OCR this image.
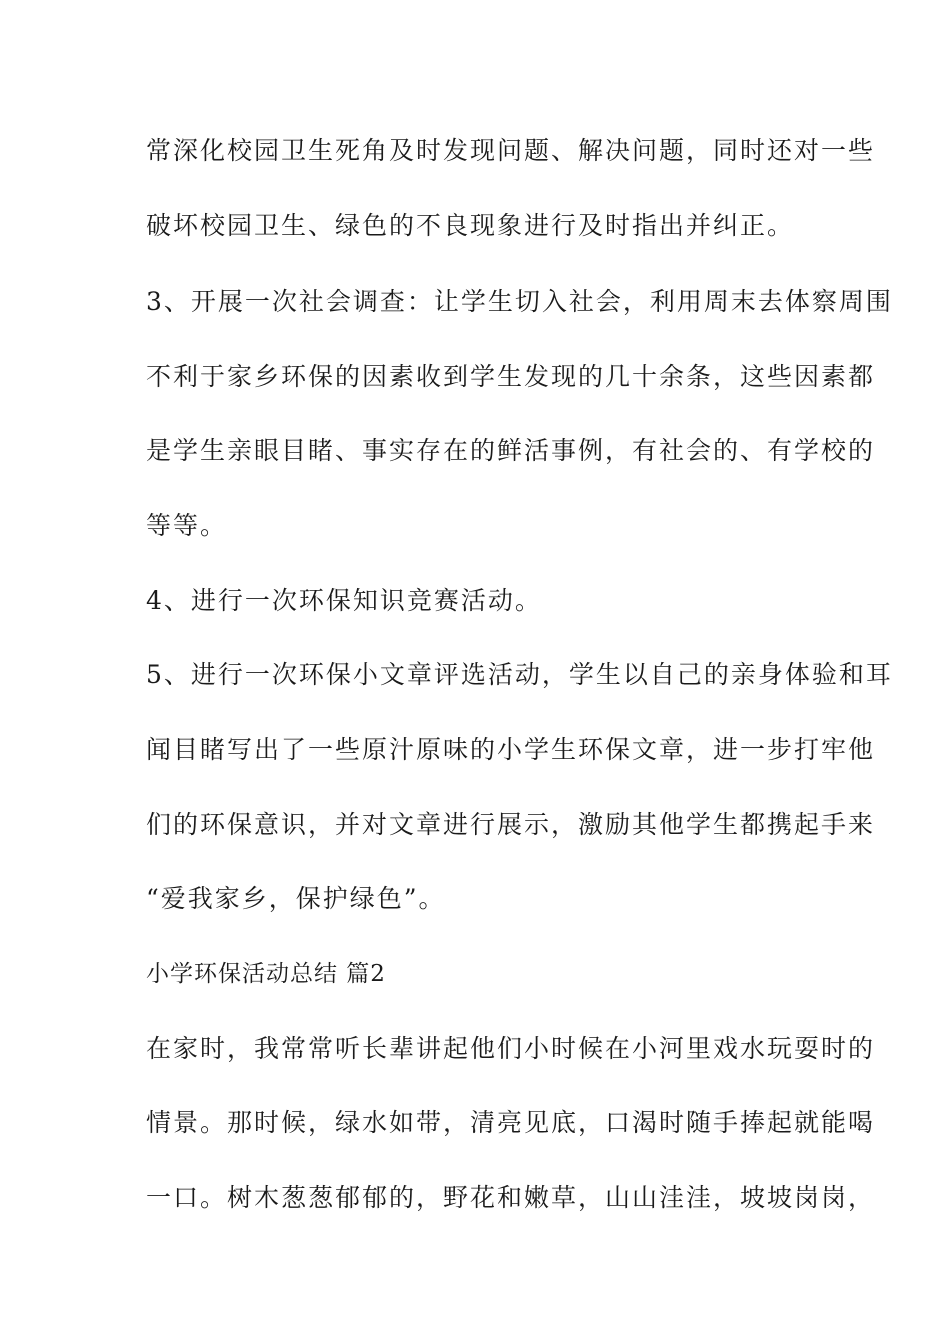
常深化校园卫生死角及时发现问题、解决问题，同时还对一些
破坏校园卫生、绿色的不良现象进行及时指出并纠正。
3、开展一次社会调查：让学生切入社会，利用周末去体察周围
不利于家乡环保的因素收到学生发现的几十余条，这些因素都
是学生亲眼目睹、事实存在的鲜活事例，有社会的、有学校的
等等。
4、进行一次环保知识竞赛活动。
5、进行一次环保小文章评选活动，学生以自己的亲身体验和耳
闻目睹写出了一些原汁原味的小学生环保文章，进一步打牢他
们的环保意识，并对文章进行展示，激励其他学生都携起手来
“爱我家乡，保护绿色”。
小学环保活动总结 篇2
在家时，我常常听长辈讲起他们小时候在小河里戏水玩耍时的
情景。那时候，绿水如带，清亮见底，口渴时随手捧起就能喝
一口。树木葱葱郁郁的，野花和嫩草，山山洼洼，坡坡岗岗，
